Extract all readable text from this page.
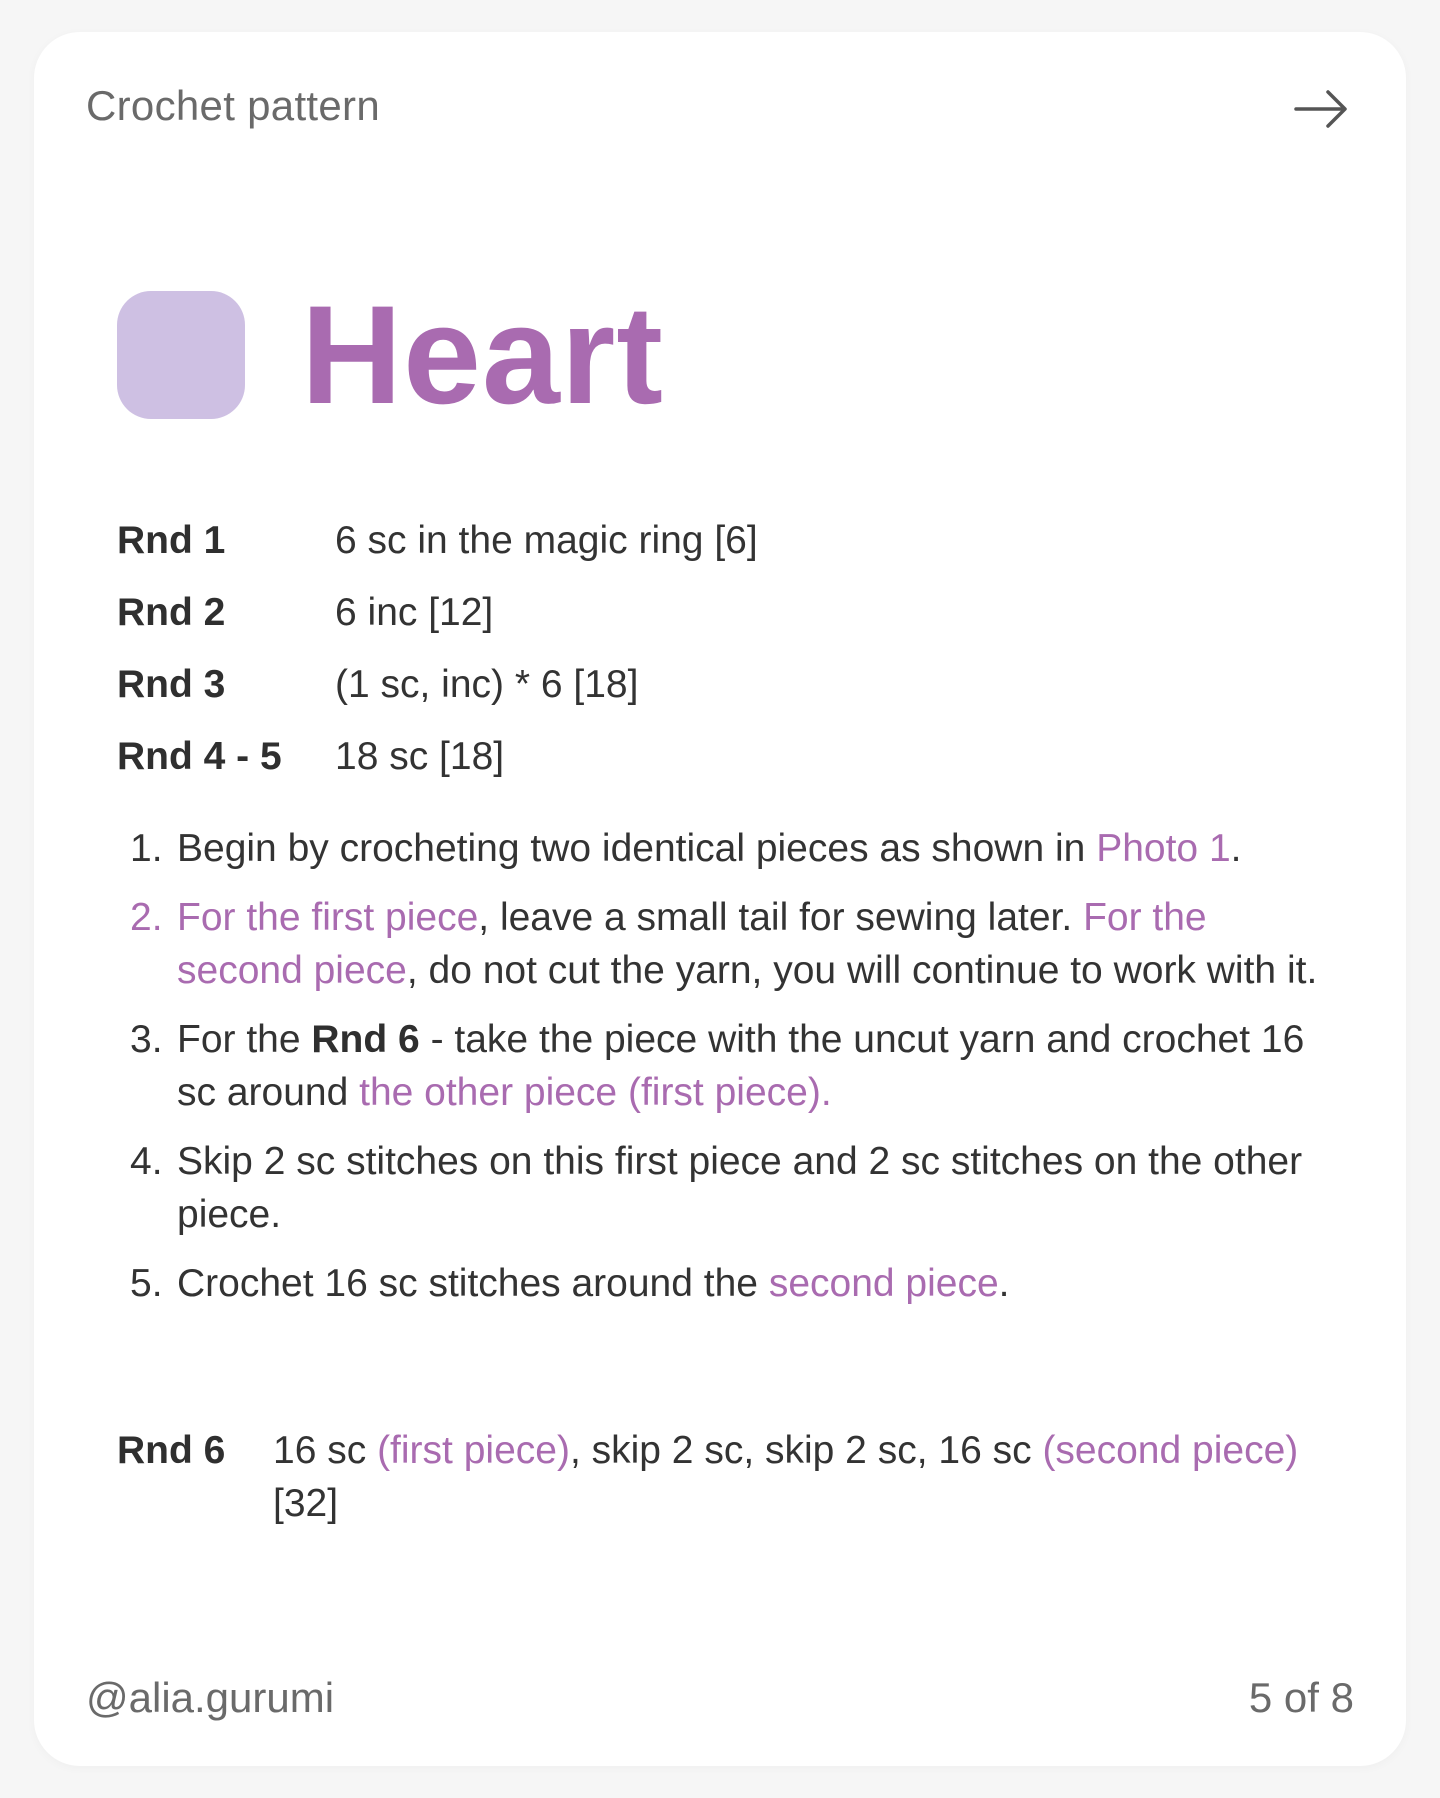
Crochet pattern
Heart
Rnd 1	6 sc in the magic ring [6]
Rnd 2	6 inc [12]
Rnd 3	(1 sc, inc) * 6 [18]
Rnd 4 - 5	18 sc [18]
1. Begin by crocheting two identical pieces as shown in Photo 1.
2. For the first piece, leave a small tail for sewing later. For the second piece, do not cut the yarn, you will continue to work with it.
3. For the Rnd 6 - take the piece with the uncut yarn and crochet 16 sc around the other piece (first piece).
4. Skip 2 sc stitches on this first piece and 2 sc stitches on the other piece.
5. Crochet 16 sc stitches around the second piece.
Rnd 6	16 sc (first piece), skip 2 sc, skip 2 sc, 16 sc (second piece) [32]
@alia.gurumi	5 of 8
